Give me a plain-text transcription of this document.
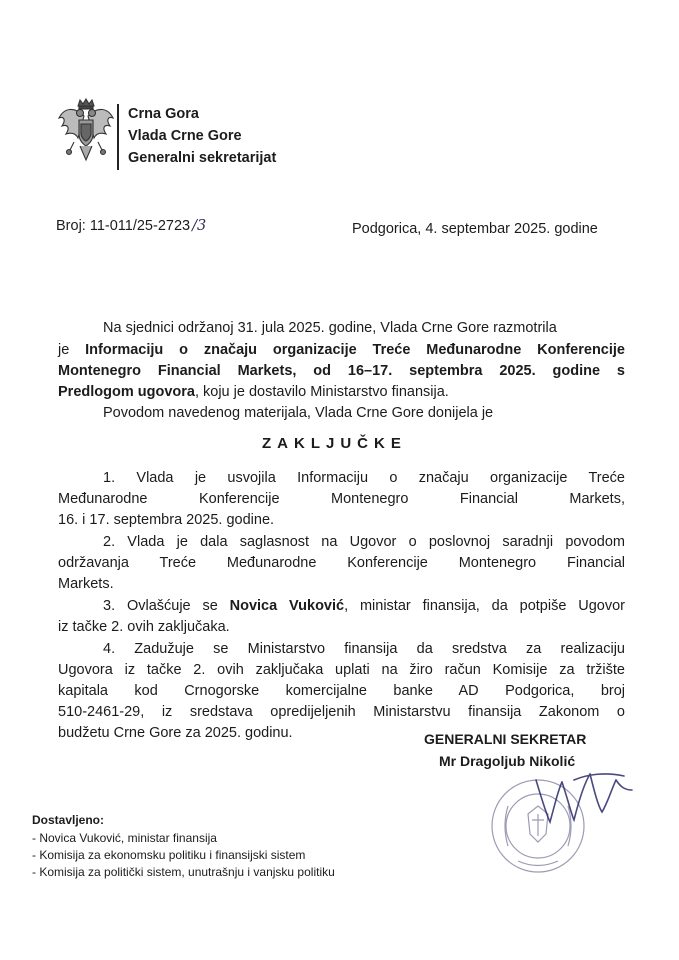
Crna Gora
Vlada Crne Gore
Generalni sekretarijat
Broj: 11-011/25-2723 /3	Podgorica, 4. septembar 2025. godine
Na sjednici održanoj 31. jula 2025. godine, Vlada Crne Gore razmotrila
je Informaciju o značaju organizacije Treće Međunarodne Konferencije
Montenegro Financial Markets, od 16–17. septembra 2025. godine s
Predlogom ugovora, koju je dostavilo Ministarstvo finansija.
Povodom navedenog materijala, Vlada Crne Gore donijela je
ZAKLJUČKE
1. Vlada je usvojila Informaciju o značaju organizacije Treće
Međunarodne Konferencije Montenegro Financial Markets,
16. i 17. septembra 2025. godine.
2. Vlada je dala saglasnost na Ugovor o poslovnoj saradnji povodom
održavanja Treće Međunarodne Konferencije Montenegro Financial
Markets.
3. Ovlašćuje se Novica Vuković, ministar finansija, da potpiše Ugovor
iz tačke 2. ovih zaključaka.
4. Zadužuje se Ministarstvo finansija da sredstva za realizaciju
Ugovora iz tačke 2. ovih zaključaka uplati na žiro račun Komisije za tržište
kapitala kod Crnogorske komercijalne banke AD Podgorica, broj
510-2461-29, iz sredstava opredijeljenih Ministarstvu finansija Zakonom o
budžetu Crne Gore za 2025. godinu.	GENERALNI SEKRETAR
Mr Dragoljub Nikolić
Dostavljeno:
- Novica Vuković, ministar finansija
- Komisija za ekonomsku politiku i finansijski sistem
- Komisija za politički sistem, unutrašnju i vanjsku politiku
